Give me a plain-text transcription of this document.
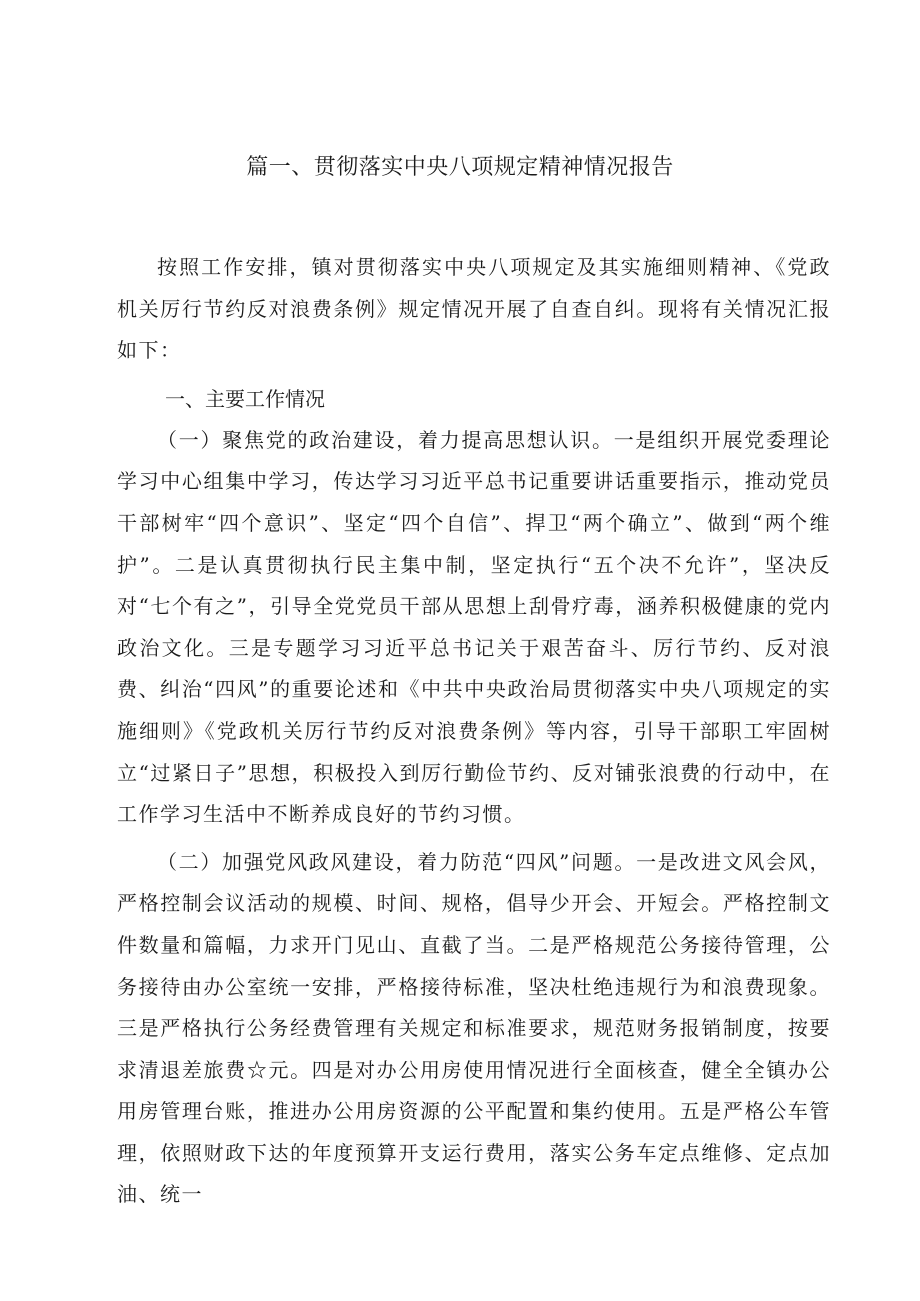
篇一、贯彻落实中央八项规定精神情况报告

按照工作安排，镇对贯彻落实中央八项规定及其实施细则精神、《党政机关厉行节约反对浪费条例》规定情况开展了自查自纠。现将有关情况汇报如下：

一、主要工作情况

（一）聚焦党的政治建设，着力提高思想认识。一是组织开展党委理论学习中心组集中学习，传达学习习近平总书记重要讲话重要指示，推动党员干部树牢“四个意识”、坚定“四个自信”、捍卫“两个确立”、做到“两个维护”。二是认真贯彻执行民主集中制，坚定执行“五个决不允许”，坚决反对“七个有之”，引导全党党员干部从思想上刮骨疗毒，涵养积极健康的党内政治文化。三是专题学习习近平总书记关于艰苦奋斗、厉行节约、反对浪费、纠治“四风”的重要论述和《中共中央政治局贯彻落实中央八项规定的实施细则》《党政机关厉行节约反对浪费条例》等内容，引导干部职工牢固树立“过紧日子”思想，积极投入到厉行勤俭节约、反对铺张浪费的行动中，在工作学习生活中不断养成良好的节约习惯。

（二）加强党风政风建设，着力防范“四风”问题。一是改进文风会风，严格控制会议活动的规模、时间、规格，倡导少开会、开短会。严格控制文件数量和篇幅，力求开门见山、直截了当。二是严格规范公务接待管理，公务接待由办公室统一安排，严格接待标准，坚决杜绝违规行为和浪费现象。三是严格执行公务经费管理有关规定和标准要求，规范财务报销制度，按要求清退差旅费☆元。四是对办公用房使用情况进行全面核查，健全全镇办公用房管理台账，推进办公用房资源的公平配置和集约使用。五是严格公车管理，依照财政下达的年度预算开支运行费用，落实公务车定点维修、定点加油、统一
